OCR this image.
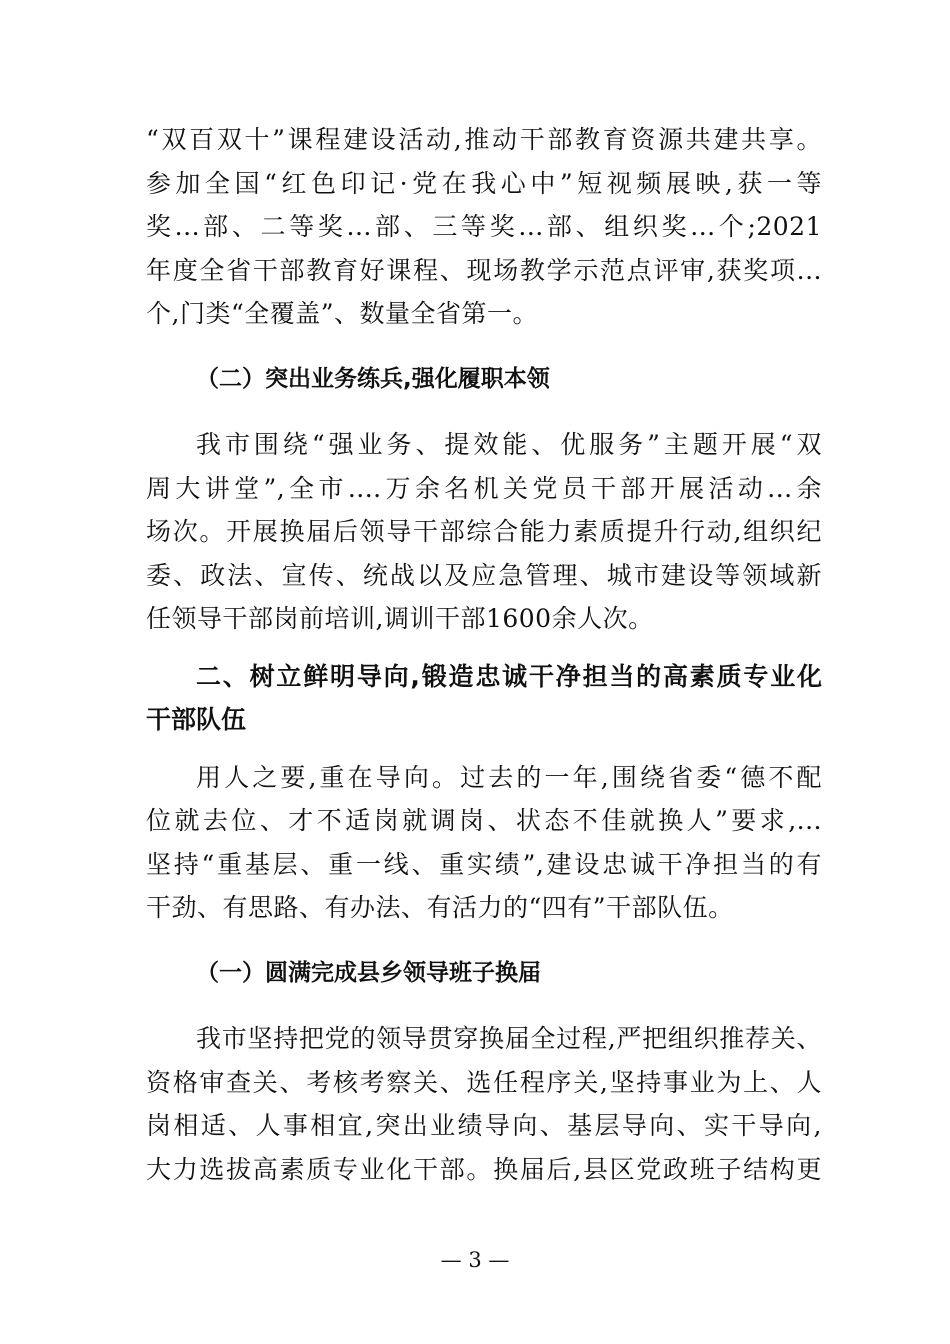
“双百双十”课程建设活动,推动干部教育资源共建共享。
参加全国“红色印记·党在我心中”短视频展映,获一等
奖...部、二等奖...部、三等奖...部、组织奖...个;2021
年度全省干部教育好课程、现场教学示范点评审,获奖项...
个,门类“全覆盖”、数量全省第一。
（二）突出业务练兵,强化履职本领
我市围绕“强业务、提效能、优服务”主题开展“双
周大讲堂”,全市....万余名机关党员干部开展活动...余
场次。开展换届后领导干部综合能力素质提升行动,组织纪
委、政法、宣传、统战以及应急管理、城市建设等领域新
任领导干部岗前培训,调训干部1600余人次。
二、树立鲜明导向,锻造忠诚干净担当的高素质专业化
干部队伍
用人之要,重在导向。过去的一年,围绕省委“德不配
位就去位、才不适岗就调岗、状态不佳就换人”要求,...
坚持“重基层、重一线、重实绩”,建设忠诚干净担当的有
干劲、有思路、有办法、有活力的“四有”干部队伍。
（一）圆满完成县乡领导班子换届
我市坚持把党的领导贯穿换届全过程,严把组织推荐关、
资格审查关、考核考察关、选任程序关,坚持事业为上、人
岗相适、人事相宜,突出业绩导向、基层导向、实干导向,
大力选拔高素质专业化干部。换届后,县区党政班子结构更
— 3 —
